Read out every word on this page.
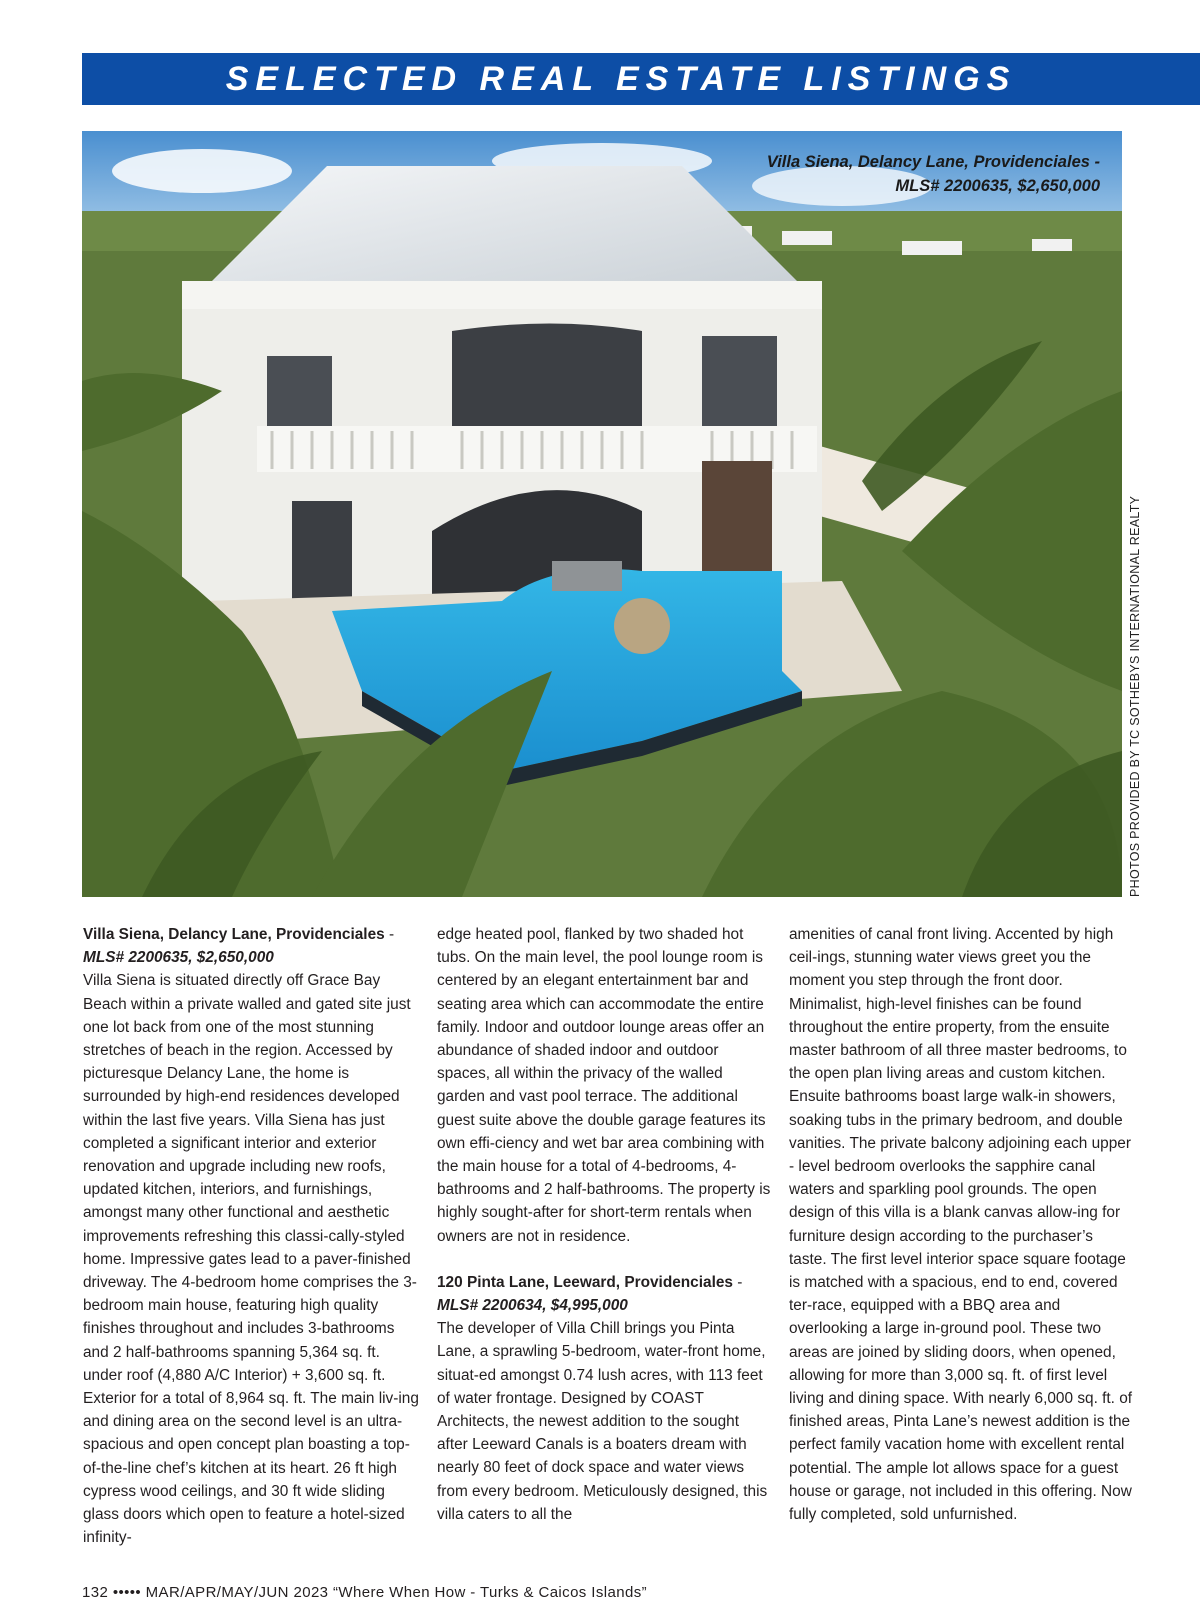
SELECTED REAL ESTATE LISTINGS
Villa Siena, Delancy Lane, Providenciales -
MLS# 2200635, $2,650,000
PHOTOS PROVIDED BY TC SOTHEBYS INTERNATIONAL REALTY

Villa Siena, Delancy Lane, Providenciales -

MLS# 2200635, $2,650,000

Villa Siena is situated directly off Grace Bay Beach within a private walled and gated site just one lot back from one of the most stunning stretches of beach in the region. Accessed by picturesque Delancy Lane, the home is surrounded by high-end residences developed within the last five years. Villa Siena has just completed a significant interior and exterior renovation and upgrade including new roofs, updated kitchen, interiors, and furnishings, amongst many other functional and aesthetic improvements refreshing this classi-cally-styled home. Impressive gates lead to a paver-finished driveway. The 4-bedroom home comprises the 3-bedroom main house, featuring high quality finishes throughout and includes 3-bathrooms and 2 half-bathrooms spanning 5,364 sq. ft. under roof (4,880 A/C Interior) + 3,600 sq. ft. Exterior for a total of 8,964 sq. ft. The main liv-ing and dining area on the second level is an ultra-spacious and open concept plan boasting a top-of-the-line chef’s kitchen at its heart. 26 ft high cypress wood ceilings, and 30 ft wide sliding glass doors which open to feature a hotel-sized infinity-

edge heated pool, flanked by two shaded hot tubs. On the main level, the pool lounge room is centered by an elegant entertainment bar and seating area which can accommodate the entire family. Indoor and outdoor lounge areas offer an abundance of shaded indoor and outdoor spaces, all within the privacy of the walled garden and vast pool terrace. The additional guest suite above the double garage features its own effi-ciency and wet bar area combining with the main house for a total of 4-bedrooms, 4-bathrooms and 2 half-bathrooms. The property is highly sought-after for short-term rentals when owners are not in residence.

120 Pinta Lane, Leeward, Providenciales -

MLS# 2200634, $4,995,000

The developer of Villa Chill brings you Pinta Lane, a sprawling 5-bedroom, water-front home, situat-ed amongst 0.74 lush acres, with 113 feet of water frontage. Designed by COAST Architects, the newest addition to the sought after Leeward Canals is a boaters dream with nearly 80 feet of dock space and water views from every bedroom. Meticulously designed, this villa caters to all the

amenities of canal front living. Accented by high ceil-ings, stunning water views greet you the moment you step through the front door. Minimalist, high-level finishes can be found throughout the entire property, from the ensuite master bathroom of all three master bedrooms, to the open plan living areas and custom kitchen. Ensuite bathrooms boast large walk-in showers, soaking tubs in the primary bedroom, and double vanities. The private balcony adjoining each upper - level bedroom overlooks the sapphire canal waters and sparkling pool grounds. The open design of this villa is a blank canvas allow-ing for furniture design according to the purchaser’s taste. The first level interior space square footage is matched with a spacious, end to end, covered ter-race, equipped with a BBQ area and overlooking a large in-ground pool. These two areas are joined by sliding doors, when opened, allowing for more than 3,000 sq. ft. of first level living and dining space. With nearly 6,000 sq. ft. of finished areas, Pinta Lane’s newest addition is the perfect family vacation home with excellent rental potential. The ample lot allows space for a guest house or garage, not included in this offering. Now fully completed, sold unfurnished.

132 ••••• MAR/APR/MAY/JUN 2023 “Where When How - Turks & Caicos Islands”
